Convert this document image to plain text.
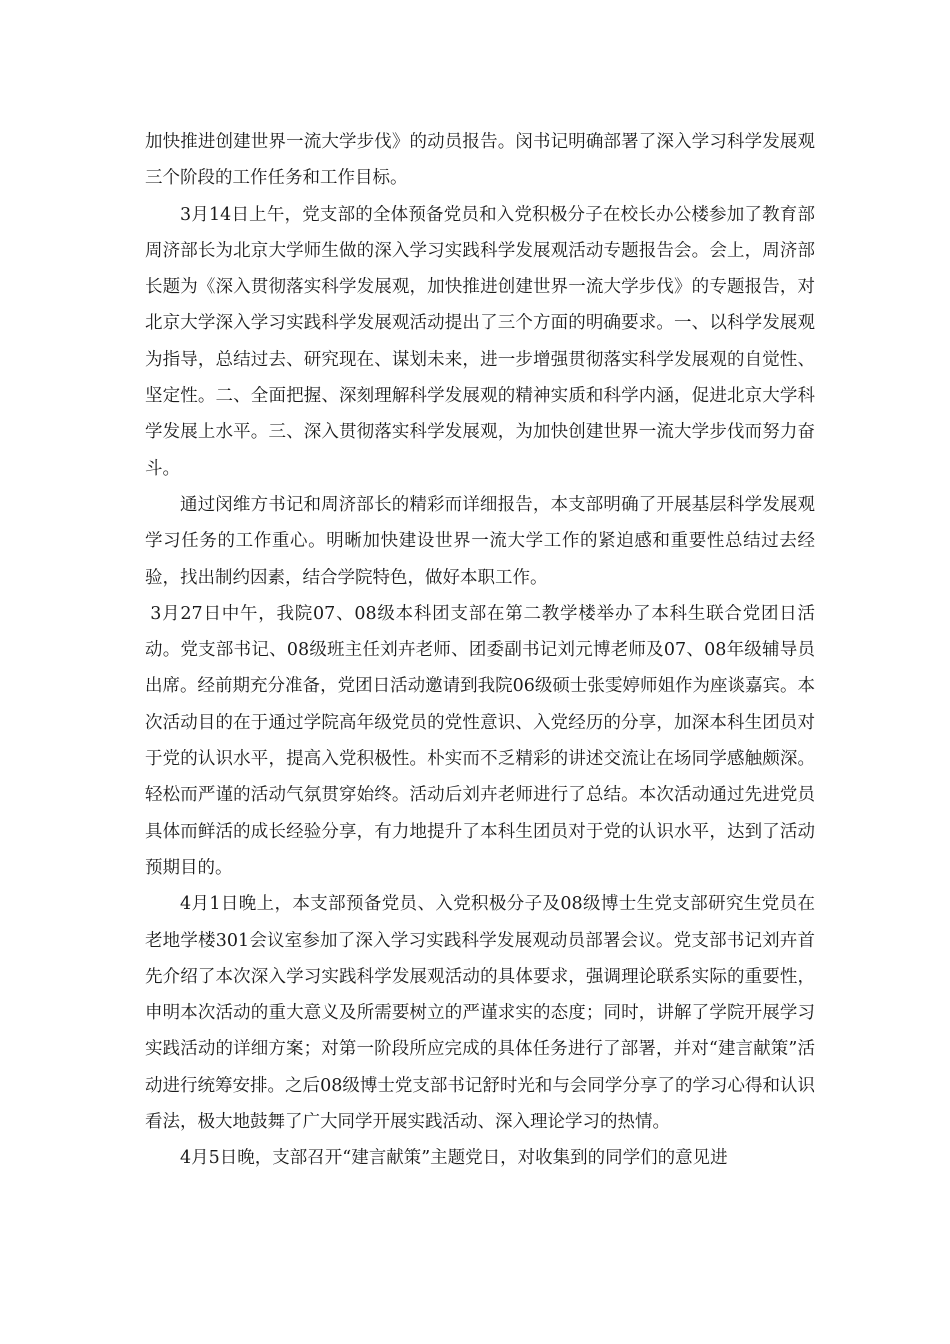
加快推进创建世界一流大学步伐》的动员报告。闵书记明确部署了深入学习科学发展观三个阶段的工作任务和工作目标。

3月14日上午，党支部的全体预备党员和入党积极分子在校长办公楼参加了教育部周济部长为北京大学师生做的深入学习实践科学发展观活动专题报告会。会上，周济部长题为《深入贯彻落实科学发展观，加快推进创建世界一流大学步伐》的专题报告，对北京大学深入学习实践科学发展观活动提出了三个方面的明确要求。一、以科学发展观为指导，总结过去、研究现在、谋划未来，进一步增强贯彻落实科学发展观的自觉性、坚定性。二、全面把握、深刻理解科学发展观的精神实质和科学内涵，促进北京大学科学发展上水平。三、深入贯彻落实科学发展观，为加快创建世界一流大学步伐而努力奋斗。

通过闵维方书记和周济部长的精彩而详细报告，本支部明确了开展基层科学发展观学习任务的工作重心。明晰加快建设世界一流大学工作的紧迫感和重要性总结过去经验，找出制约因素，结合学院特色，做好本职工作。

3月27日中午，我院07、08级本科团支部在第二教学楼举办了本科生联合党团日活动。党支部书记、08级班主任刘卉老师、团委副书记刘元博老师及07、08年级辅导员出席。经前期充分准备，党团日活动邀请到我院06级硕士张雯婷师姐作为座谈嘉宾。本次活动目的在于通过学院高年级党员的党性意识、入党经历的分享，加深本科生团员对于党的认识水平，提高入党积极性。朴实而不乏精彩的讲述交流让在场同学感触颇深。轻松而严谨的活动气氛贯穿始终。活动后刘卉老师进行了总结。本次活动通过先进党员具体而鲜活的成长经验分享，有力地提升了本科生团员对于党的认识水平，达到了活动预期目的。

4月1日晚上，本支部预备党员、入党积极分子及08级博士生党支部研究生党员在老地学楼301会议室参加了深入学习实践科学发展观动员部署会议。党支部书记刘卉首先介绍了本次深入学习实践科学发展观活动的具体要求，强调理论联系实际的重要性，申明本次活动的重大意义及所需要树立的严谨求实的态度；同时，讲解了学院开展学习实践活动的详细方案；对第一阶段所应完成的具体任务进行了部署，并对“建言献策”活动进行统筹安排。之后08级博士党支部书记舒时光和与会同学分享了的学习心得和认识看法，极大地鼓舞了广大同学开展实践活动、深入理论学习的热情。

4月5日晚，支部召开“建言献策”主题党日，对收集到的同学们的意见进
